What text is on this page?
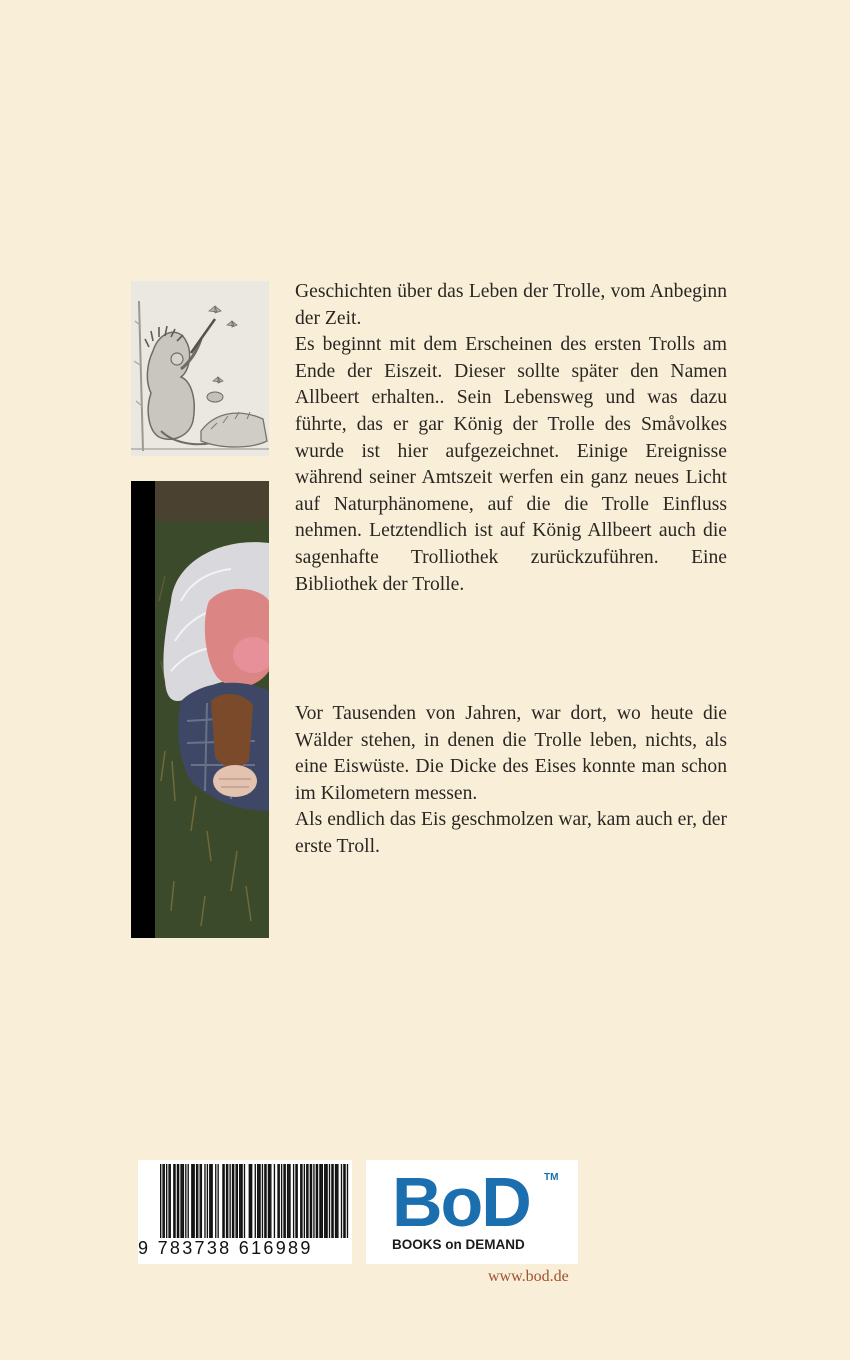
Geschichten über das Leben der Trolle, vom Anbeginn der Zeit.

Es beginnt mit dem Erscheinen des ersten Trolls am Ende der Eiszeit. Dieser sollte später den Namen Allbeert erhalten.. Sein Lebensweg und was dazu führte, das er gar König der Trolle des Småvolkes wurde ist hier aufgezeichnet. Einige Ereignisse während seiner Amtszeit werfen ein ganz neues Licht auf Naturphänomene, auf die die Trolle Einfluss nehmen. Letztendlich ist auf König Allbeert auch die sagenhafte Trolliothek zurückzuführen. Eine Bibliothek der Trolle.

Vor Tausenden von Jahren, war dort, wo heute die Wälder stehen, in denen die Trolle leben, nichts, als eine Eiswüste. Die Dicke des Eises konnte man schon im Kilometern messen.

Als endlich das Eis geschmolzen war, kam auch er, der erste Troll.

9 783738 616989
BoD TM
BOOKS on DEMAND
www.bod.de
